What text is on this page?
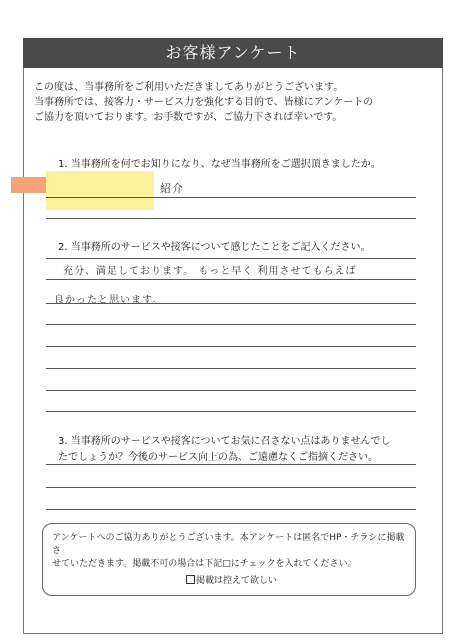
お客様アンケート
この度は、当事務所をご利用いただきましてありがとうございます。
当事務所では、接客力・サービス力を強化する目的で、皆様にアンケートの
ご協力を頂いております。お手数ですが、ご協力下されば幸いです。
1. 当事務所を何でお知りになり、なぜ当事務所をご選択頂きましたか。
紹介
2. 当事務所のサービスや接客について感じたことをご記入ください。
充分、満足しております。 もっと早く 利用させてもらえば
良かったと思います。
3. 当事務所のサービスや接客についてお気に召さない点はありませんでし
たでしょうか？今後のサービス向上の為、ご遠慮なくご指摘ください。
アンケートへのご協力ありがとうございます。本アンケートは匿名でHP・チラシに掲載さ
せていただきます。掲載不可の場合は下記□にチェックを入れてください。
掲載は控えて欲しい
